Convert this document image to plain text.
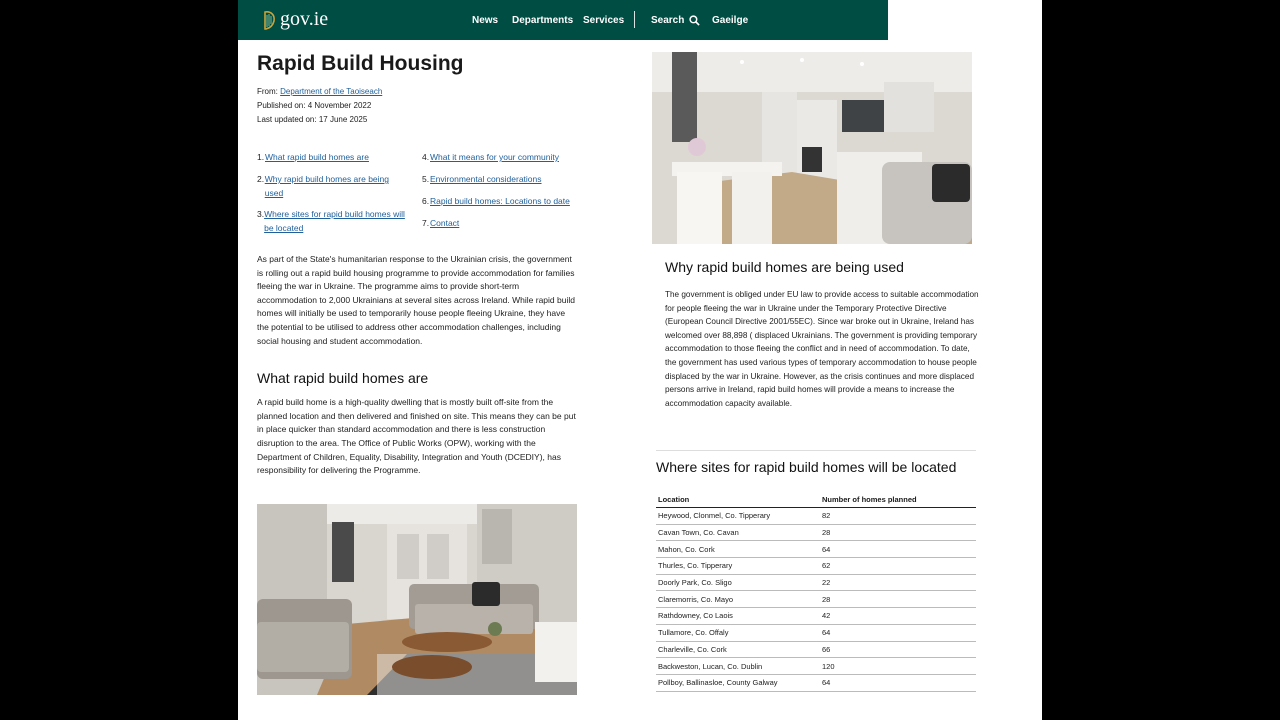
gov.ie	News Departments Services	Search	Gaeilge
Rapid Build Housing
From: Department of the Taoiseach
Published on: 4 November 2022
Last updated on: 17 June 2025
1.What rapid build homes are
2. Why rapid build homes are being used
3. Where sites for rapid build homes will be located
4.What it means for your community
5.Environmental considerations
6.Rapid build homes: Locations to date
7.Contact

As part of the State's humanitarian response to the Ukrainian crisis, the government is rolling out a rapid build housing programme to provide accommodation for families fleeing the war in Ukraine. The programme aims to provide short-term accommodation to 2,000 Ukrainians at several sites across Ireland. While rapid build homes will initially be used to temporarily house people fleeing Ukraine, they have the potential to be utilised to address other accommodation challenges, including social housing and student accommodation.

What rapid build homes are

A rapid build home is a high-quality dwelling that is mostly built off-site from the planned location and then delivered and finished on site. This means they can be put in place quicker than standard accommodation and there is less construction disruption to the area. The Office of Public Works (OPW), working with the Department of Children, Equality, Disability, Integration and Youth (DCEDIY), has responsibility for delivering the Programme.

Why rapid build homes are being used

The government is obliged under EU law to provide access to suitable accommodation for people fleeing the war in Ukraine under the Temporary Protective Directive (European Council Directive 2001/55EC). Since war broke out in Ukraine, Ireland has welcomed over 88,898 ( displaced Ukrainians. The government is providing temporary accommodation to those fleeing the conflict and in need of accommodation. To date, the government has used various types of temporary accommodation to house people displaced by the war in Ukraine. However, as the crisis continues and more displaced persons arrive in Ireland, rapid build homes will provide a means to increase the accommodation capacity available.

Where sites for rapid build homes will be located
Location	Number of homes planned
Heywood, Clonmel, Co. Tipperary	82
Cavan Town, Co. Cavan	28
Mahon, Co. Cork	64
Thurles, Co. Tipperary	62
Doorly Park, Co. Sligo	22
Claremorris, Co. Mayo	28
Rathdowney, Co Laois	42
Tullamore, Co. Offaly	64
Charleville, Co. Cork	66
Backweston, Lucan, Co. Dublin	120
Pollboy, Ballinasloe, County Galway	64
